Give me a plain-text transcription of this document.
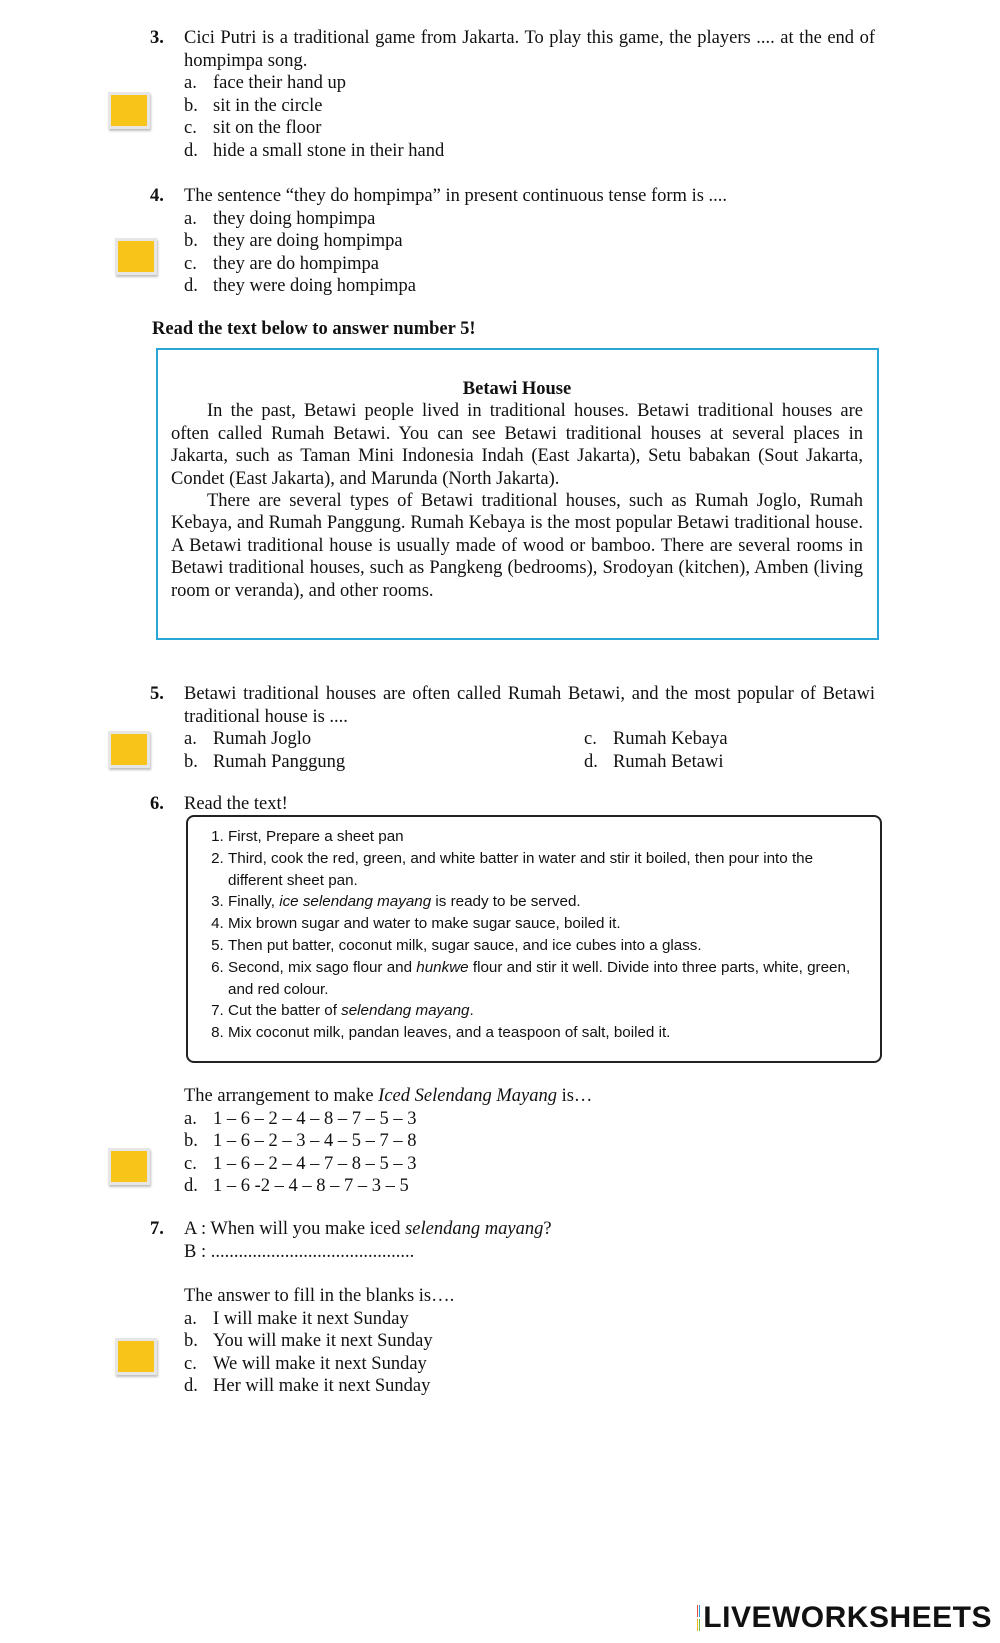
3. Cici Putri is a traditional game from Jakarta. To play this game, the players .... at the end of hompimpa song.
a. face their hand up
b. sit in the circle
c. sit on the floor
d. hide a small stone in their hand
4. The sentence “they do hompimpa” in present continuous tense form is ....
a. they doing hompimpa
b. they are doing hompimpa
c. they are do hompimpa
d. they were doing hompimpa
Read the text below to answer number 5!
Betawi House

In the past, Betawi people lived in traditional houses. Betawi traditional houses are often called Rumah Betawi. You can see Betawi traditional houses at several places in Jakarta, such as Taman Mini Indonesia Indah (East Jakarta), Setu babakan (Sout Jakarta, Condet (East Jakarta), and Marunda (North Jakarta).

There are several types of Betawi traditional houses, such as Rumah Joglo, Rumah Kebaya, and Rumah Panggung. Rumah Kebaya is the most popular Betawi traditional house. A Betawi traditional house is usually made of wood or bamboo. There are several rooms in Betawi traditional houses, such as Pangkeng (bedrooms), Srodoyan (kitchen), Amben (living room or veranda), and other rooms.

5. Betawi traditional houses are often called Rumah Betawi, and the most popular of Betawi traditional house is ....
a. Rumah Joglo	c. Rumah Kebaya
b. Rumah Panggung	d. Rumah Betawi
6. Read the text!
1. First, Prepare a sheet pan
2. Third, cook the red, green, and white batter in water and stir it boiled, then pour into the different sheet pan.
3. Finally, ice selendang mayang is ready to be served.
4. Mix brown sugar and water to make sugar sauce, boiled it.
5. Then put batter, coconut milk, sugar sauce, and ice cubes into a glass.
6. Second, mix sago flour and hunkwe flour and stir it well. Divide into three parts, white, green, and red colour.
7. Cut the batter of selendang mayang.
8. Mix coconut milk, pandan leaves, and a teaspoon of salt, boiled it.
The arrangement to make Iced Selendang Mayang is…
a. 1 – 6 – 2 – 4 – 8 – 7 – 5 – 3
b. 1 – 6 – 2 – 3 – 4 – 5 – 7 – 8
c. 1 – 6 – 2 – 4 – 7 – 8 – 5 – 3
d. 1 – 6 -2 – 4 – 8 – 7 – 3 – 5
7. A : When will you make iced selendang mayang?
B : ............................................
The answer to fill in the blanks is….
a. I will make it next Sunday
b. You will make it next Sunday
c. We will make it next Sunday
d. Her will make it next Sunday
LIVEWORKSHEETS
